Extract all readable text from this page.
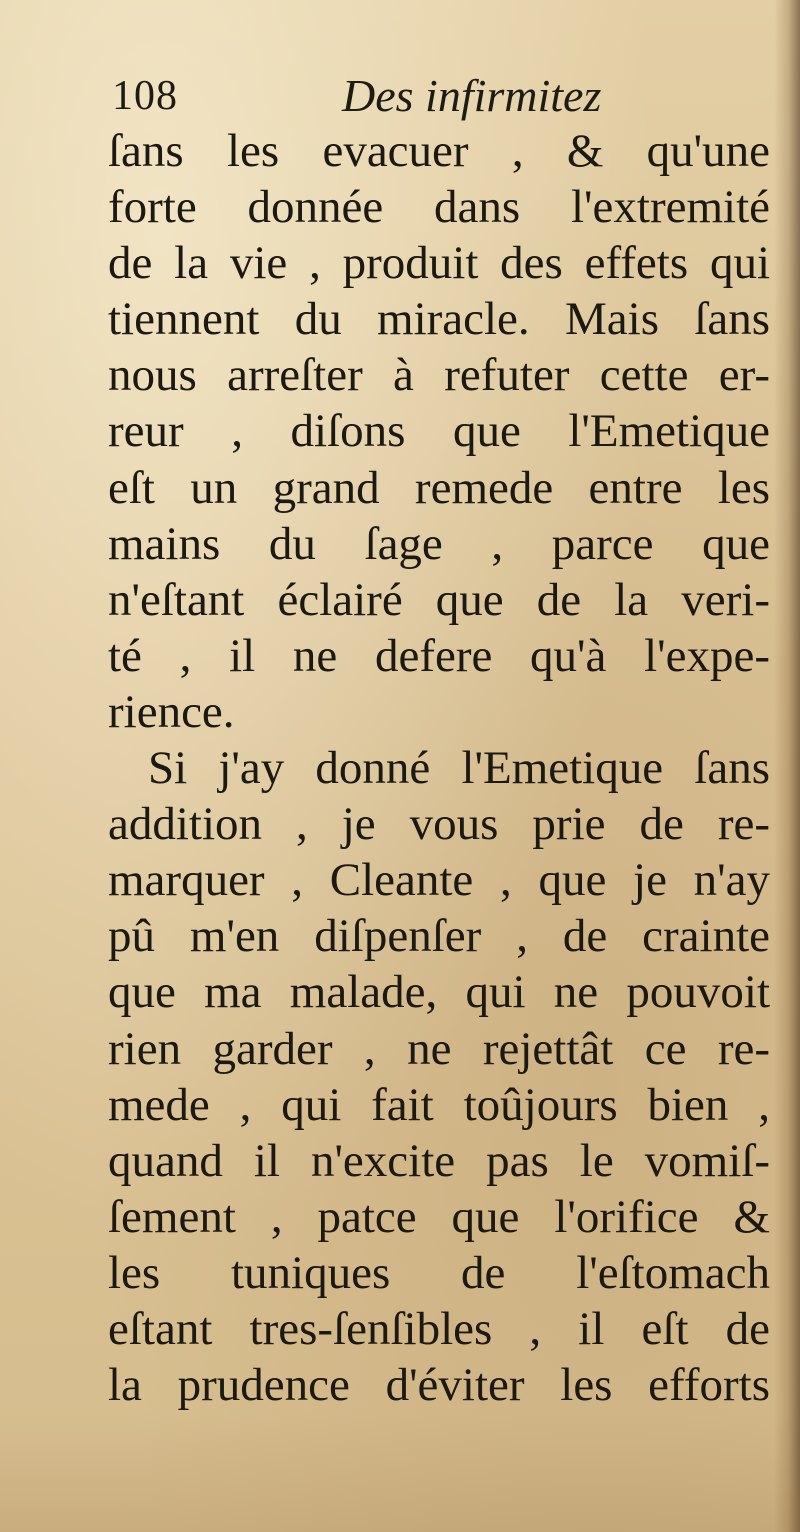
108	Des infirmitez
ſans les evacuer , & qu'une
forte donnée dans l'extremité
de la vie , produit des effets qui
tiennent du miracle. Mais ſans
nous arreſter à refuter cette er-
reur , diſons que l'Emetique
eſt un grand remede entre les
mains du ſage , parce que
n'eſtant éclairé que de la veri-
té , il ne defere qu'à l'expe-
rience.
Si j'ay donné l'Emetique ſans
addition , je vous prie de re-
marquer , Cleante , que je n'ay
pû m'en diſpenſer , de crainte
que ma malade, qui ne pouvoit
rien garder , ne rejettât ce re-
mede , qui fait toûjours bien ,
quand il n'excite pas le vomiſ-
ſement , patce que l'orifice &
les tuniques de l'eſtomach
eſtant tres-ſenſibles , il eſt de
la prudence d'éviter les efforts
